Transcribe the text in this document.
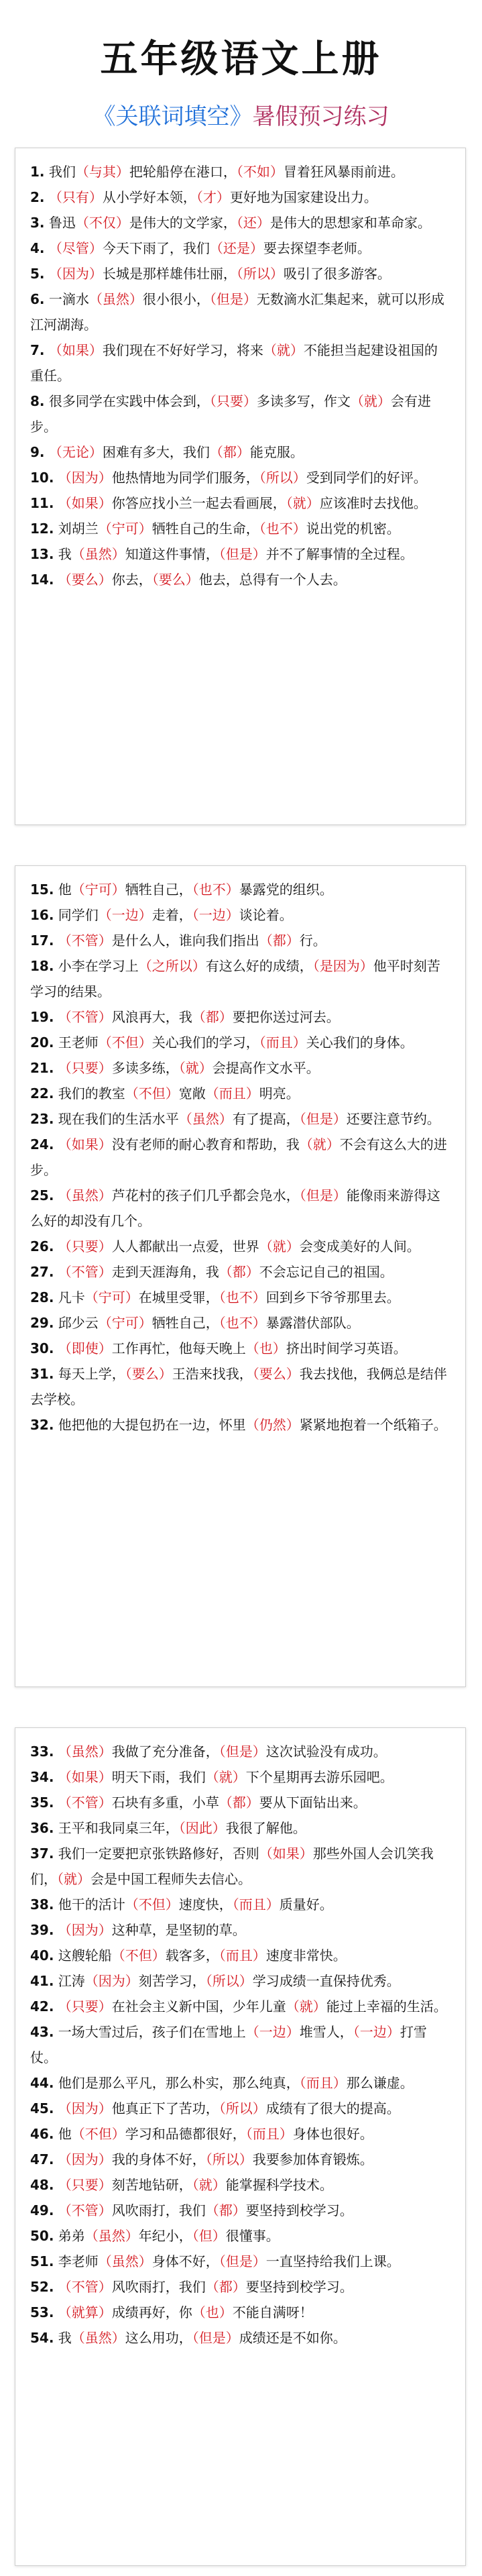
五年级语文上册
《关联词填空》暑假预习练习

1. 我们（与其）把轮船停在港口，（不如）冒着狂风暴雨前进。

2. （只有）从小学好本领，（才）更好地为国家建设出力。

3. 鲁迅（不仅）是伟大的文学家，（还）是伟大的思想家和革命家。

4. （尽管）今天下雨了，我们（还是）要去探望李老师。

5. （因为）长城是那样雄伟壮丽，（所以）吸引了很多游客。

6. 一滴水（虽然）很小很小，（但是）无数滴水汇集起来，就可以形成江河湖海。

7. （如果）我们现在不好好学习，将来（就）不能担当起建设祖国的重任。

8. 很多同学在实践中体会到，（只要）多读多写，作文（就）会有进步。

9. （无论）困难有多大，我们（都）能克服。

10. （因为）他热情地为同学们服务，（所以）受到同学们的好评。

11. （如果）你答应找小兰一起去看画展，（就）应该准时去找他。

12. 刘胡兰（宁可）牺牲自己的生命，（也不）说出党的机密。

13. 我（虽然）知道这件事情，（但是）并不了解事情的全过程。

14. （要么）你去，（要么）他去，总得有一个人去。

15. 他（宁可）牺牲自己，（也不）暴露党的组织。

16. 同学们（一边）走着，（一边）谈论着。

17. （不管）是什么人，谁向我们指出（都）行。

18. 小李在学习上（之所以）有这么好的成绩，（是因为）他平时刻苦学习的结果。

19. （不管）风浪再大，我（都）要把你送过河去。

20. 王老师（不但）关心我们的学习，（而且）关心我们的身体。

21. （只要）多读多练，（就）会提高作文水平。

22. 我们的教室（不但）宽敞（而且）明亮。

23. 现在我们的生活水平（虽然）有了提高，（但是）还要注意节约。

24. （如果）没有老师的耐心教育和帮助，我（就）不会有这么大的进步。

25. （虽然）芦花村的孩子们几乎都会凫水，（但是）能像雨来游得这么好的却没有几个。

26. （只要）人人都献出一点爱，世界（就）会变成美好的人间。

27. （不管）走到天涯海角，我（都）不会忘记自己的祖国。

28. 凡卡（宁可）在城里受罪，（也不）回到乡下爷爷那里去。

29. 邱少云（宁可）牺牲自己，（也不）暴露潜伏部队。

30. （即使）工作再忙，他每天晚上（也）挤出时间学习英语。

31. 每天上学，（要么）王浩来找我，（要么）我去找他，我俩总是结伴去学校。

32. 他把他的大提包扔在一边，怀里（仍然）紧紧地抱着一个纸箱子。

33. （虽然）我做了充分准备，（但是）这次试验没有成功。

34. （如果）明天下雨，我们（就）下个星期再去游乐园吧。

35. （不管）石块有多重，小草（都）要从下面钻出来。

36. 王平和我同桌三年，（因此）我很了解他。

37. 我们一定要把京张铁路修好，否则（如果）那些外国人会讥笑我们，（就）会是中国工程师失去信心。

38. 他干的活计（不但）速度快，（而且）质量好。

39. （因为）这种草，是坚韧的草。

40. 这艘轮船（不但）载客多，（而且）速度非常快。

41. 江涛（因为）刻苦学习，（所以）学习成绩一直保持优秀。

42. （只要）在社会主义新中国，少年儿童（就）能过上幸福的生活。

43. 一场大雪过后，孩子们在雪地上（一边）堆雪人，（一边）打雪仗。

44. 他们是那么平凡，那么朴实，那么纯真，（而且）那么谦虚。

45. （因为）他真正下了苦功，（所以）成绩有了很大的提高。

46. 他（不但）学习和品德都很好，（而且）身体也很好。

47. （因为）我的身体不好，（所以）我要参加体育锻炼。

48. （只要）刻苦地钻研，（就）能掌握科学技术。

49. （不管）风吹雨打，我们（都）要坚持到校学习。

50. 弟弟（虽然）年纪小，（但）很懂事。

51. 李老师（虽然）身体不好，（但是）一直坚持给我们上课。

52. （不管）风吹雨打，我们（都）要坚持到校学习。

53. （就算）成绩再好，你（也）不能自满呀！

54. 我（虽然）这么用功，（但是）成绩还是不如你。
